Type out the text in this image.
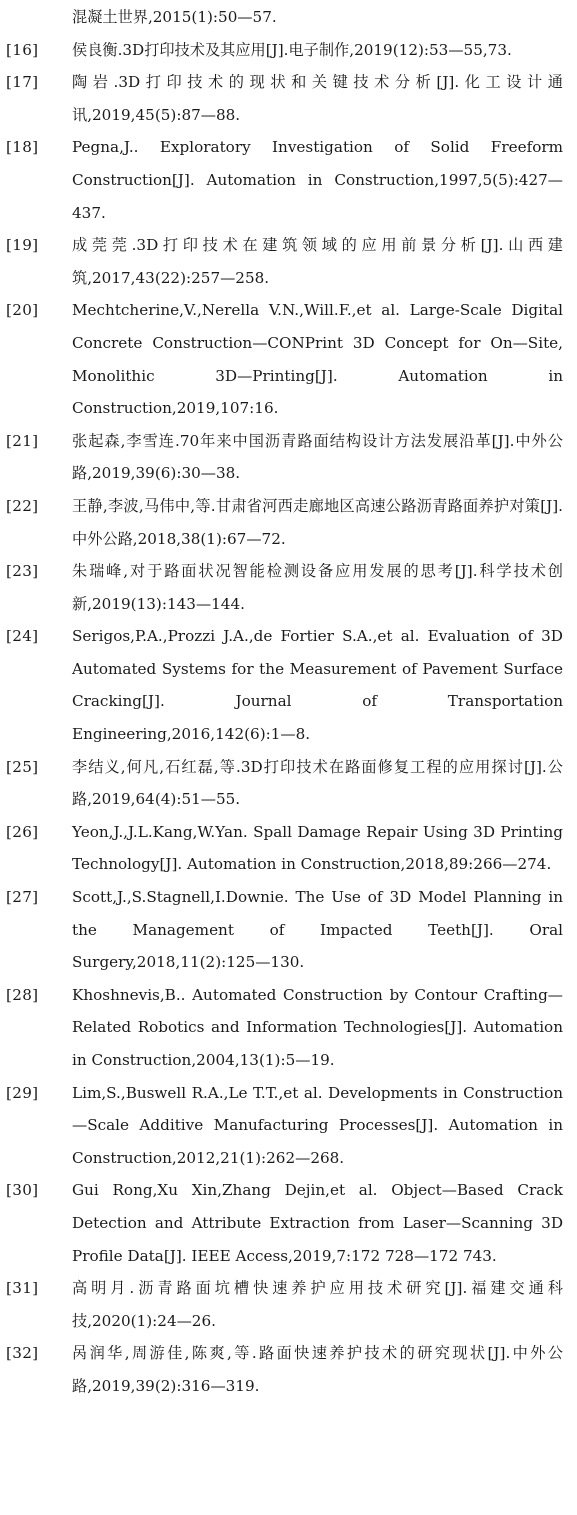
混凝土世界,2015(1):50—57.
[16]	侯良衡.3D打印技术及其应用[J].电子制作,2019(12):53—55,73.
[17]	陶岩.3D打印技术的现状和关键技术分析[J].化工设计通讯,2019,45(5):87—88.
[18]	Pegna,J.. Exploratory Investigation of Solid Freeform Construction[J]. Automation in Construction,1997,5(5):427—437.
[19]	成莞莞.3D打印技术在建筑领域的应用前景分析[J].山西建筑,2017,43(22):257—258.
[20]	Mechtcherine,V.,Nerella V.N.,Will.F.,et al. Large-Scale Digital Concrete Construction—CONPrint 3D Concept for On—Site, Monolithic 3D—Printing[J]. Automation in Construction,2019,107:16.
[21]	张起森,李雪连.70年来中国沥青路面结构设计方法发展沿革[J].中外公路,2019,39(6):30—38.
[22]	王静,李波,马伟中,等.甘肃省河西走廊地区高速公路沥青路面养护对策[J].中外公路,2018,38(1):67—72.
[23]	朱瑞峰,对于路面状况智能检测设备应用发展的思考[J].科学技术创新,2019(13):143—144.
[24]	Serigos,P.A.,Prozzi J.A.,de Fortier S.A.,et al. Evaluation of 3D Automated Systems for the Measurement of Pavement Surface Cracking[J]. Journal of Transportation Engineering,2016,142(6):1—8.
[25]	李结义,何凡,石红磊,等.3D打印技术在路面修复工程的应用探讨[J].公路,2019,64(4):51—55.
[26]	Yeon,J.,J.L.Kang,W.Yan. Spall Damage Repair Using 3D Printing Technology[J]. Automation in Construction,2018,89:266—274.
[27]	Scott,J.,S.Stagnell,I.Downie. The Use of 3D Model Planning in the Management of Impacted Teeth[J]. Oral Surgery,2018,11(2):125—130.
[28]	Khoshnevis,B.. Automated Construction by Contour Crafting—Related Robotics and Information Technologies[J]. Automation in Construction,2004,13(1):5—19.
[29]	Lim,S.,Buswell R.A.,Le T.T.,et al. Developments in Construction—Scale Additive Manufacturing Processes[J]. Automation in Construction,2012,21(1):262—268.
[30]	Gui Rong,Xu Xin,Zhang Dejin,et al. Object—Based Crack Detection and Attribute Extraction from Laser—Scanning 3D Profile Data[J]. IEEE Access,2019,7:172 728—172 743.
[31]	高明月.沥青路面坑槽快速养护应用技术研究[J].福建交通科技,2020(1):24—26.
[32]	呙润华,周游佳,陈爽,等.路面快速养护技术的研究现状[J].中外公路,2019,39(2):316—319.
